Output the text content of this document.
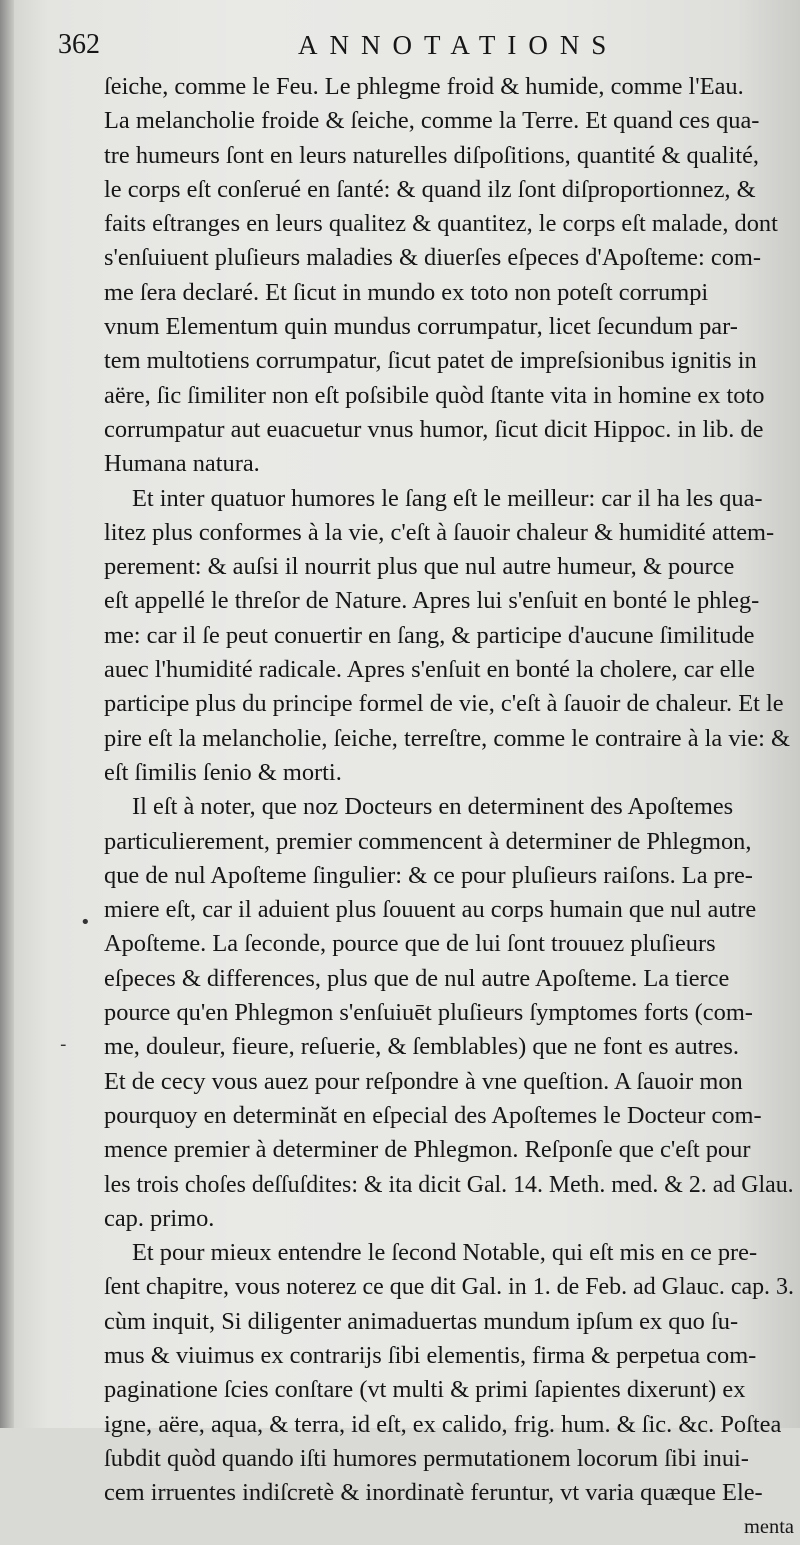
362	ANNOTATIONS
ſeiche, comme le Feu. Le phlegme froid & humide, comme l'Eau.
La melancholie froide & ſeiche, comme la Terre. Et quand ces qua-
tre humeurs ſont en leurs naturelles diſpoſitions, quantité & qualité,
le corps eſt conſerué en ſanté: & quand ilz ſont diſproportionnez, &
faits eſtranges en leurs qualitez & quantitez, le corps eſt malade, dont
s'enſuiuent pluſieurs maladies & diuerſes eſpeces d'Apoſteme: com-
me ſera declaré. Et ſicut in mundo ex toto non poteſt corrumpi
vnum Elementum quin mundus corrumpatur, licet ſecundum par-
tem multotiens corrumpatur, ſicut patet de impreſsionibus ignitis in
aëre, ſic ſimiliter non eſt poſsibile quòd ſtante vita in homine ex toto
corrumpatur aut euacuetur vnus humor, ſicut dicit Hippoc. in lib. de
Humana natura.
Et inter quatuor humores le ſang eſt le meilleur: car il ha les qua-
litez plus conformes à la vie, c'eſt à ſauoir chaleur & humidité attem-
perement: & auſsi il nourrit plus que nul autre humeur, & pource
eſt appellé le threſor de Nature. Apres lui s'enſuit en bonté le phleg-
me: car il ſe peut conuertir en ſang, & participe d'aucune ſimilitude
auec l'humidité radicale. Apres s'enſuit en bonté la cholere, car elle
participe plus du principe formel de vie, c'eſt à ſauoir de chaleur. Et le
pire eſt la melancholie, ſeiche, terreſtre, comme le contraire à la vie: &
eſt ſimilis ſenio & morti.
Il eſt à noter, que noz Docteurs en determinent des Apoſtemes
particulierement, premier commencent à determiner de Phlegmon,
que de nul Apoſteme ſingulier: & ce pour pluſieurs raiſons. La pre-
miere eſt, car il aduient plus ſouuent au corps humain que nul autre
Apoſteme. La ſeconde, pource que de lui ſont trouuez pluſieurs
eſpeces & differences, plus que de nul autre Apoſteme. La tierce
pource qu'en Phlegmon s'enſuiuēt pluſieurs ſymptomes forts (com-
me, douleur, fieure, reſuerie, & ſemblables) que ne font es autres.
Et de cecy vous auez pour reſpondre à vne queſtion. A ſauoir mon
pourquoy en determinăt en eſpecial des Apoſtemes le Docteur com-
mence premier à determiner de Phlegmon. Reſponſe que c'eſt pour
les trois choſes deſſuſdites: & ita dicit Gal. 14. Meth. med. & 2. ad Glau.
cap. primo.
Et pour mieux entendre le ſecond Notable, qui eſt mis en ce pre-
ſent chapitre, vous noterez ce que dit Gal. in 1. de Feb. ad Glauc. cap. 3.
cùm inquit, Si diligenter animaduertas mundum ipſum ex quo ſu-
mus & viuimus ex contrarijs ſibi elementis, firma & perpetua com-
paginatione ſcies conſtare (vt multi & primi ſapientes dixerunt) ex
igne, aëre, aqua, & terra, id eſt, ex calido, frig. hum. & ſic. &c. Poſtea
ſubdit quòd quando iſti humores permutationem locorum ſibi inui-
cem irruentes indiſcretè & inordinatè feruntur, vt varia quæque Ele-
menta
•
-
